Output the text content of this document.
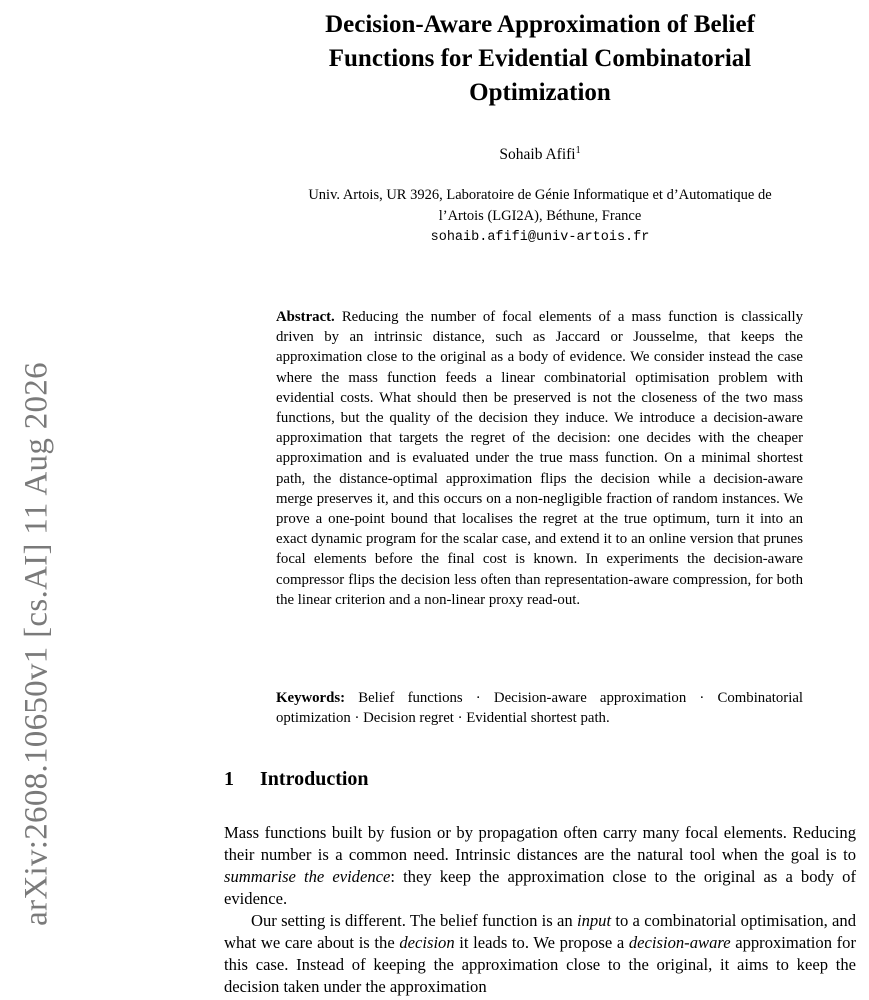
arXiv:2608.10650v1 [cs.AI] 11 Aug 2026
Decision-Aware Approximation of Belief
Functions for Evidential Combinatorial
Optimization
Sohaib Afifi$^1$
Univ. Artois, UR 3926, Laboratoire de Génie Informatique et d’Automatique de
l’Artois (LGI2A), Béthune, France
sohaib.afifi@univ-artois.fr
Abstract. Reducing the number of focal elements of a mass function is classically driven by an intrinsic distance, such as Jaccard or Jousselme, that keeps the approximation close to the original as a body of evidence. We consider instead the case where the mass function feeds a linear combinatorial optimisation problem with evidential costs. What should then be preserved is not the closeness of the two mass functions, but the quality of the decision they induce. We introduce a decision-aware approximation that targets the regret of the decision: one decides with the cheaper approximation and is evaluated under the true mass function. On a minimal shortest path, the distance-optimal approximation flips the decision while a decision-aware merge preserves it, and this occurs on a non-negligible fraction of random instances. We prove a one-point bound that localises the regret at the true optimum, turn it into an exact dynamic program for the scalar case, and extend it to an online version that prunes focal elements before the final cost is known. In experiments the decision-aware compressor flips the decision less often than representation-aware compression, for both the linear criterion and a non-linear proxy read-out.
Keywords: Belief functions · Decision-aware approximation · Combinatorial optimization · Decision regret · Evidential shortest path.
1 Introduction

Mass functions built by fusion or by propagation often carry many focal elements. Reducing their number is a common need. Intrinsic distances are the natural tool when the goal is to summarise the evidence: they keep the approximation close to the original as a body of evidence.

Our setting is different. The belief function is an input to a combinatorial optimisation, and what we care about is the decision it leads to. We propose a decision-aware approximation for this case. Instead of keeping the approximation close to the original, it aims to keep the decision taken under the approximation
